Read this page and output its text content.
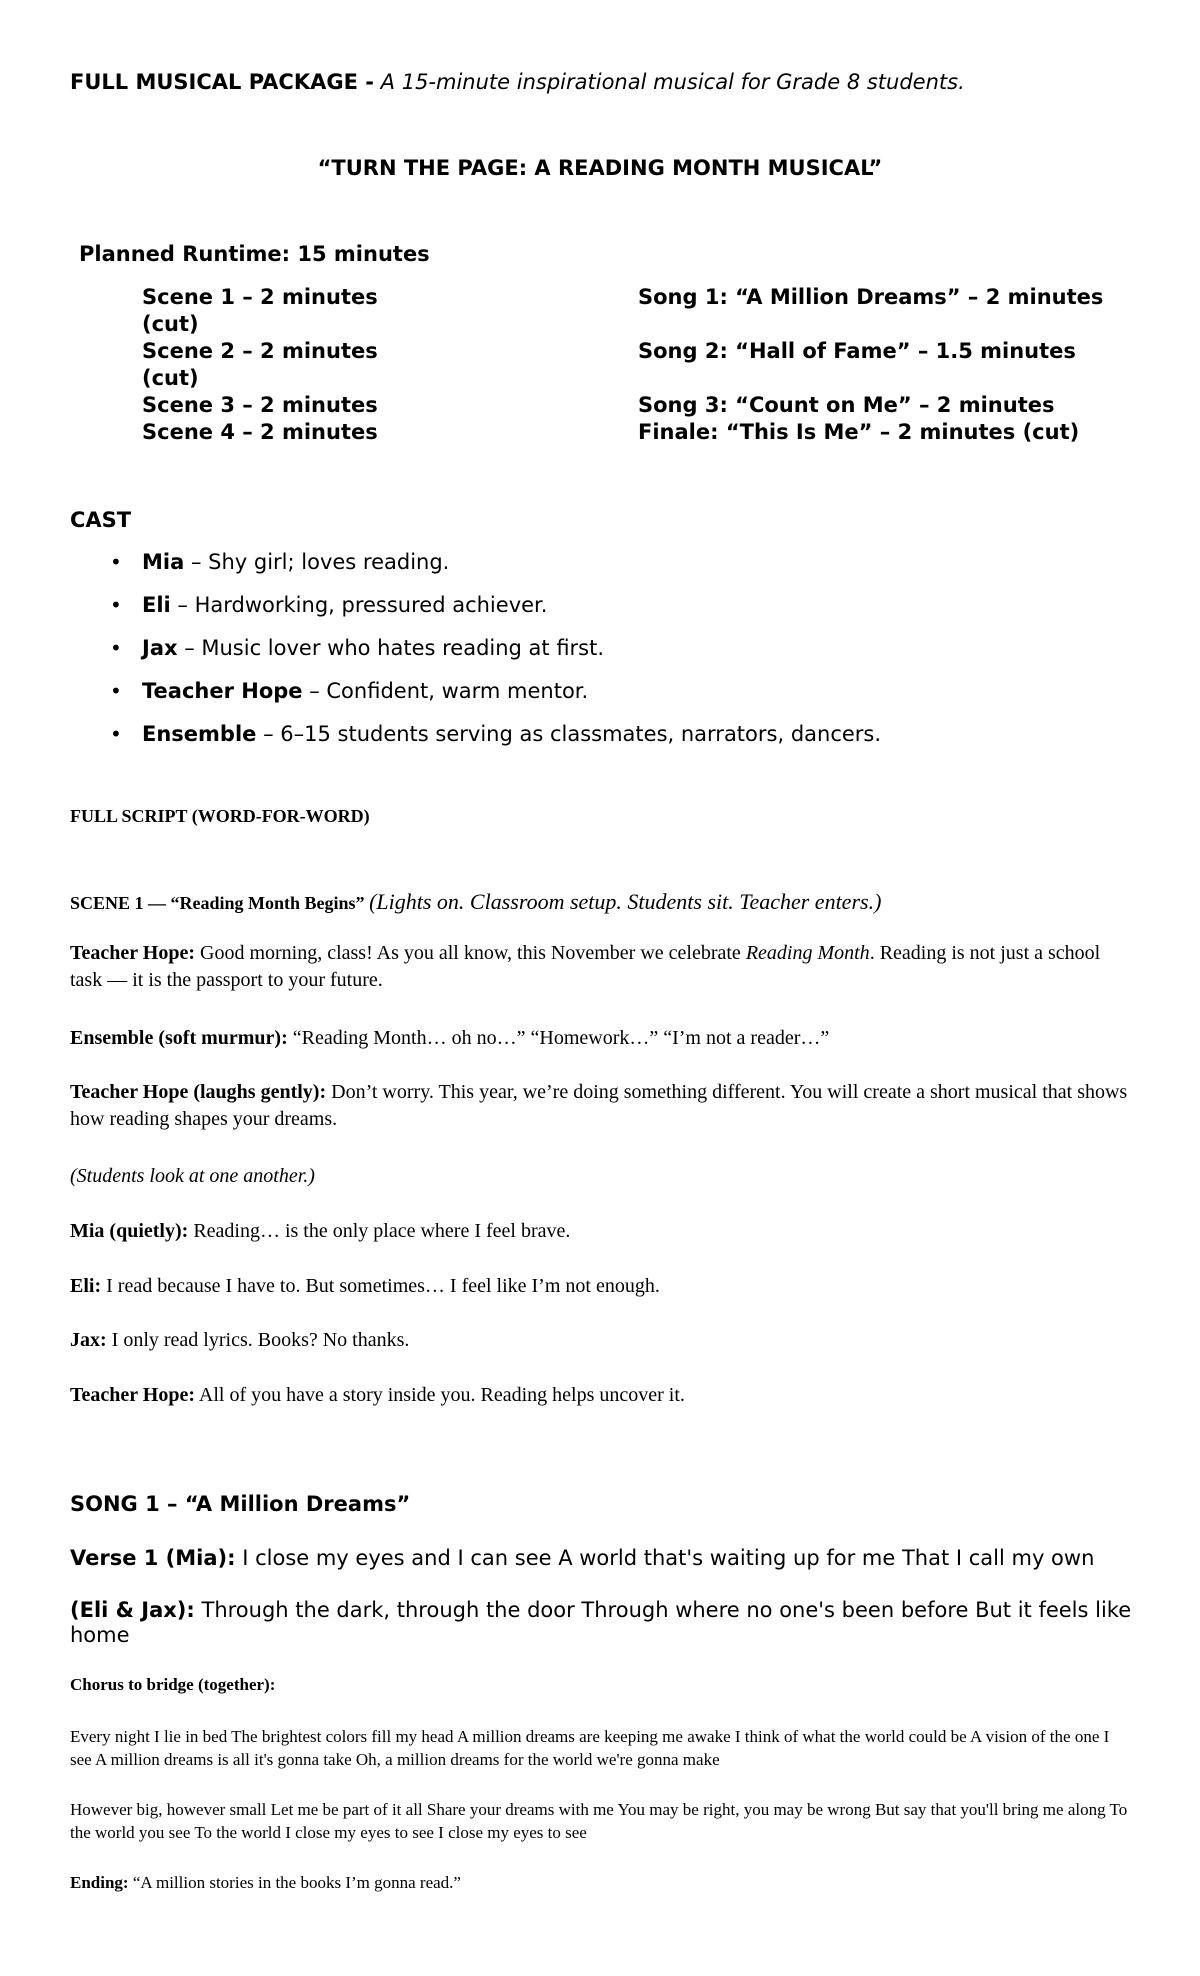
FULL MUSICAL PACKAGE - A 15-minute inspirational musical for Grade 8 students.

“TURN THE PAGE: A READING MONTH MUSICAL”

Planned Runtime: 15 minutes

Scene 1 – 2 minutes
(cut)
Scene 2 – 2 minutes
(cut)
Scene 3 – 2 minutes
Scene 4 – 2 minutes
Song 1: “A Million Dreams” – 2 minutes
Song 2: “Hall of Fame” – 1.5 minutes
Song 3: “Count on Me” – 2 minutes
Finale: “This Is Me” – 2 minutes (cut)

CAST

• Mia – Shy girl; loves reading.
• Eli – Hardworking, pressured achiever.
• Jax – Music lover who hates reading at first.
• Teacher Hope – Confident, warm mentor.
• Ensemble – 6–15 students serving as classmates, narrators, dancers.

FULL SCRIPT (WORD-FOR-WORD)

SCENE 1 — “Reading Month Begins” (Lights on. Classroom setup. Students sit. Teacher enters.)

Teacher Hope: Good morning, class! As you all know, this November we celebrate Reading Month. Reading is not just a school task — it is the passport to your future.

Ensemble (soft murmur): “Reading Month… oh no…” “Homework…” “I’m not a reader…”

Teacher Hope (laughs gently): Don’t worry. This year, we’re doing something different. You will create a short musical that shows how reading shapes your dreams.

(Students look at one another.)

Mia (quietly): Reading… is the only place where I feel brave.

Eli: I read because I have to. But sometimes… I feel like I’m not enough.

Jax: I only read lyrics. Books? No thanks.

Teacher Hope: All of you have a story inside you. Reading helps uncover it.

SONG 1 – “A Million Dreams”

Verse 1 (Mia): I close my eyes and I can see A world that's waiting up for me That I call my own

(Eli & Jax): Through the dark, through the door Through where no one's been before But it feels like home

Chorus to bridge (together):

Every night I lie in bed The brightest colors fill my head A million dreams are keeping me awake I think of what the world could be A vision of the one I see A million dreams is all it's gonna take Oh, a million dreams for the world we're gonna make

However big, however small Let me be part of it all Share your dreams with me You may be right, you may be wrong But say that you'll bring me along To the world you see To the world I close my eyes to see I close my eyes to see

Ending: “A million stories in the books I’m gonna read.”
